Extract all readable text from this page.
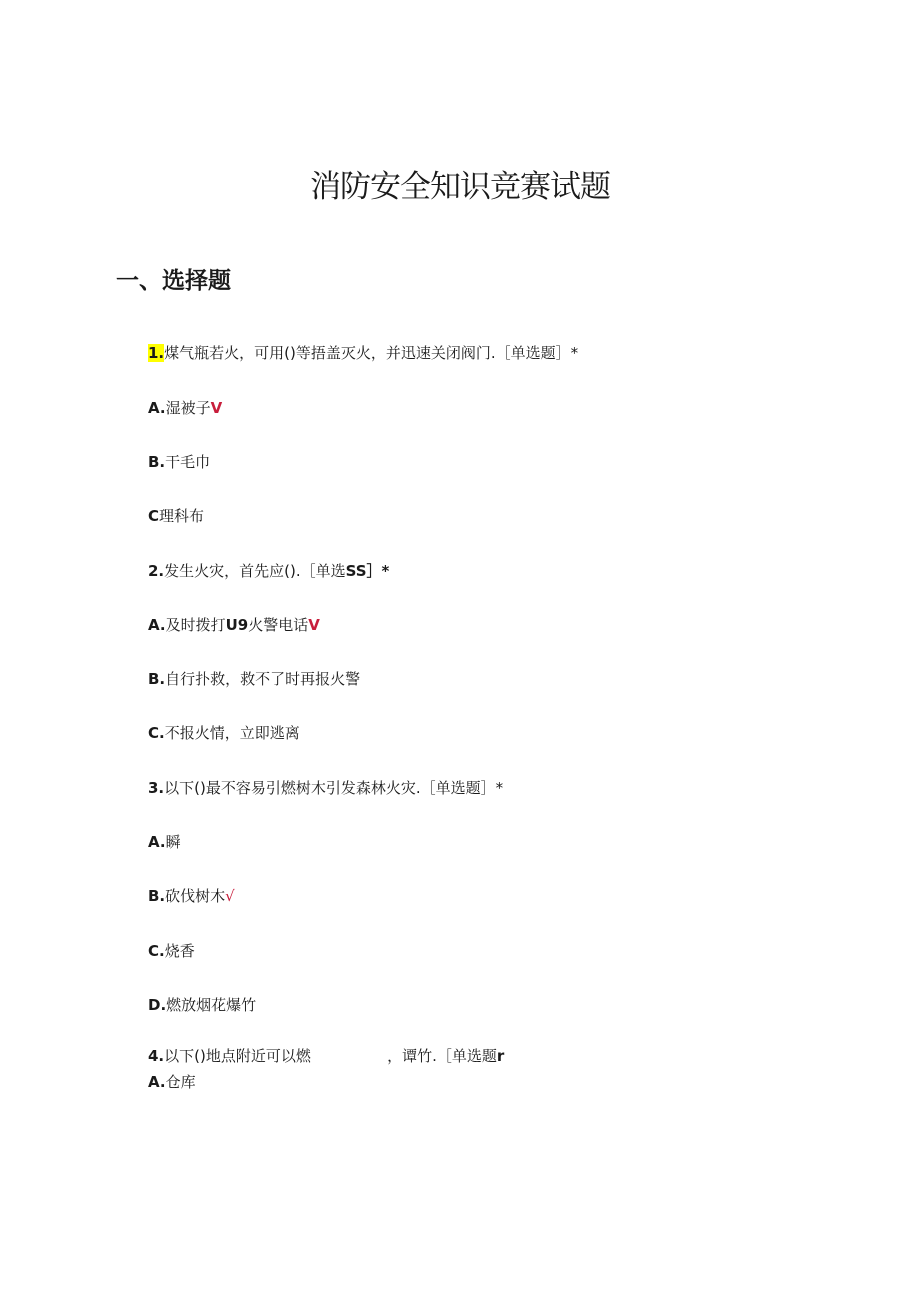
消防安全知识竞赛试题
一、选择题

1.煤气瓶若火，可用()等捂盖灭火，并迅速关闭阀门.［单选题］*

A.湿被子V

B.干毛巾

C理科布

2.发生火灾，首先应().［单选SS］*

A.及时拨打U9火警电话V

B.自行扑救，救不了时再报火警

C.不报火情，立即逃离

3.以下()最不容易引燃树木引发森林火灾.［单选题］*

A.瞬

B.砍伐树木√

C.烧香

D.燃放烟花爆竹

4.以下()地点附近可以燃                ，谭竹.［单选题r

A.仓库
